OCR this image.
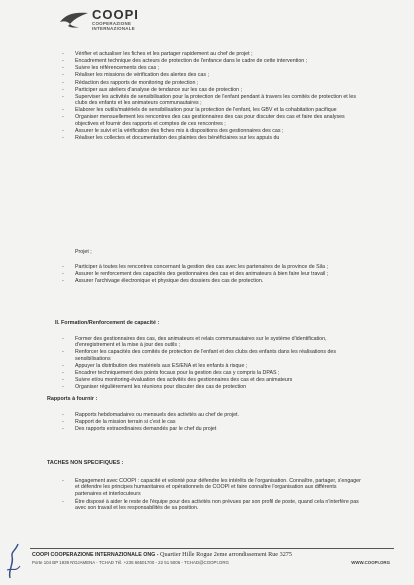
COOPI
COOPERAZIONE INTERNAZIONALE
- Vérifier et actualiser les fiches et les partager rapidement au chef de projet ;
- Encadrement technique des acteurs de protection de l'enfance dans le cadre de cette intervention ;
- Suivre les référencements des cas ;
- Réaliser les missions de vérification des alertes des cas ;
- Rédaction des rapports de monitoring de protection ;
- Participer aux ateliers d'analyse de tendance sur les cas de protection ;
- Superviser les activités de sensibilisation pour la protection de l'enfant pendant à travers les comités de protection et les clubs des enfants et les animateurs communautaires ;
- Elaborer les outils/matériels de sensibilisation pour la protection de l'enfant, les GBV et la cohabitation pacifique
- Organiser mensuellement les rencontres des cas gestionnaires des cas pour discuter des cas et faire des analyses objectives et fournir des rapports et comptes de ces rencontres ;
- Assurer le suivi et la vérification des fiches mis à dispositions des gestionnaires des cas ;
- Réaliser les collectes et documentation des plaintes des bénéficiaires sur les appuis du
Projet ;
- Participer à toutes les rencontres concernant la gestion des cas avec les partenaires de la province de Sila ;
- Assurer le renforcement des capacités des gestionnaires des cas et des animateurs à bien faire leur travail ;
- Assurer l'archivage électronique et physique des dossiers des cas de protection.
II. Formation/Renforcement de capacité :
- Former des gestionnaires des cas, des animateurs et relais communautaires sur le système d'identification, d'enregistrement et la mise à jour des outils ;
- Renforcer les capacités des comités de protection de l'enfant et des clubs des enfants dans les réalisations des sensibilisations
- Appuyer la distribution des matériels aux ES/ENA et les enfants à risque ;
- Encadrer techniquement des points focaux pour la gestion des cas y compris la DPAS ;
- Suivre et/ou monitoring-évaluation des activités des gestionnaires des cas et des animateurs
- Organiser régulièrement les réunions pour discuter des cas de protection
Rapports à fournir :
- Rapports hebdomadaires ou mensuels des activités au chef de projet.
- Rapport de la mission terrain si c'est le cas
- Des rapports extraordinaires demandés par le chef du projet
TACHES NON SPECIFIQUES :
- Engagement avec COOPI : capacité et volonté pour défendre les intérêts de l'organisation. Connaître, partager, s'engager et défendre les principes humanitaires et opérationnels de COOPI et faire connaître l'organisation aux différents partenaires et interlocuteurs
- Être disposé à aider le reste de l'équipe pour des activités non prévues par son profil de poste, quand cela n'interfère pas avec son travail et les responsabilités de sa position.
COOPI COOPERAZIONE INTERNAZIONALE ONG - Quartier Hille Rogue 2eme arrondissement Rue 3275
Porte 104 BP 1939 N'DJAMENA - TCHAD Tél. +235 66501700 - 22 51 5006 - TCHAD@COOPI.ORG	WWW.COOPI.ORG
